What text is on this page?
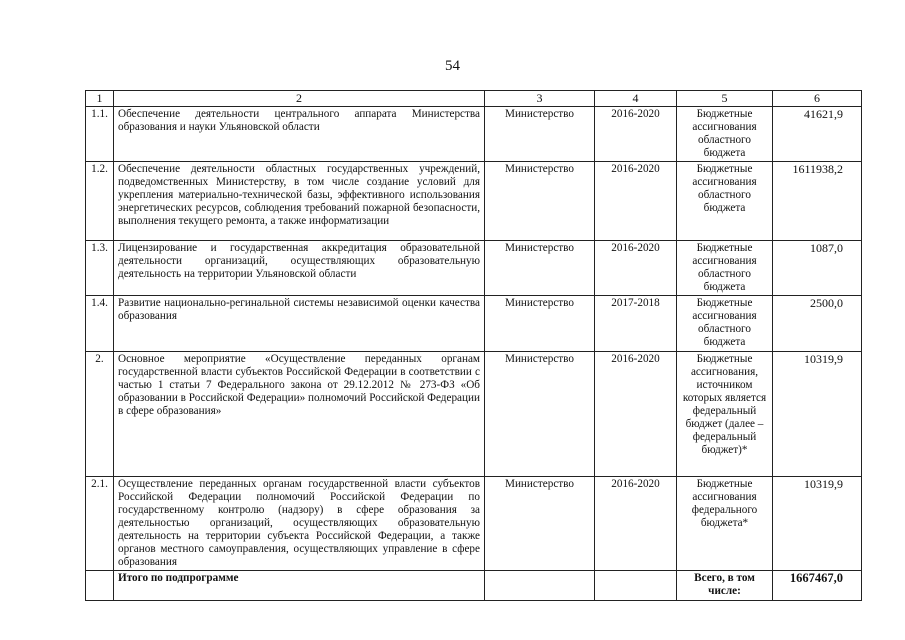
54
1	2	3	4	5	6
1.1.	Обеспечение деятельности центрального аппарата Министерства образования и науки Ульяновской области	Министерство	2016-2020	Бюджетные ассигнования областного бюджета	41621,9
1.2.	Обеспечение деятельности областных государственных учреждений, подведомственных Министерству, в том числе создание условий для укрепления материально-технической базы, эффективного использования энергетических ресурсов, соблюдения требований пожарной безопасности, выполнения текущего ремонта, а также информатизации	Министерство	2016-2020	Бюджетные ассигнования областного бюджета	1611938,2
1.3.	Лицензирование и государственная аккредитация образовательной деятельности организаций, осуществляющих образовательную деятельность на территории Ульяновской области	Министерство	2016-2020	Бюджетные ассигнования областного бюджета	1087,0
1.4.	Развитие национально-регинальной системы независимой оценки качества образования	Министерство	2017-2018	Бюджетные ассигнования областного бюджета	2500,0
2.	Основное мероприятие «Осуществление переданных органам государственной власти субъектов Российской Федерации в соответствии с частью 1 статьи 7 Федерального закона от 29.12.2012 № 273-ФЗ «Об образовании в Российской Федерации» полномочий Российской Федерации в сфере образования»	Министерство	2016-2020	Бюджетные ассигнования, источником которых является федеральный бюджет (далее – федеральный бюджет)*	10319,9
2.1.	Осуществление переданных органам государственной власти субъектов Российской Федерации полномочий Российской Федерации по государственному контролю (надзору) в сфере образования за деятельностью организаций, осуществляющих образовательную деятельность на территории субъекта Российской Федерации, а также органов местного самоуправления, осуществляющих управление в сфере образования	Министерство	2016-2020	Бюджетные ассигнования федерального бюджета*	10319,9
	Итого по подпрограмме			Всего, в том числе:	1667467,0
